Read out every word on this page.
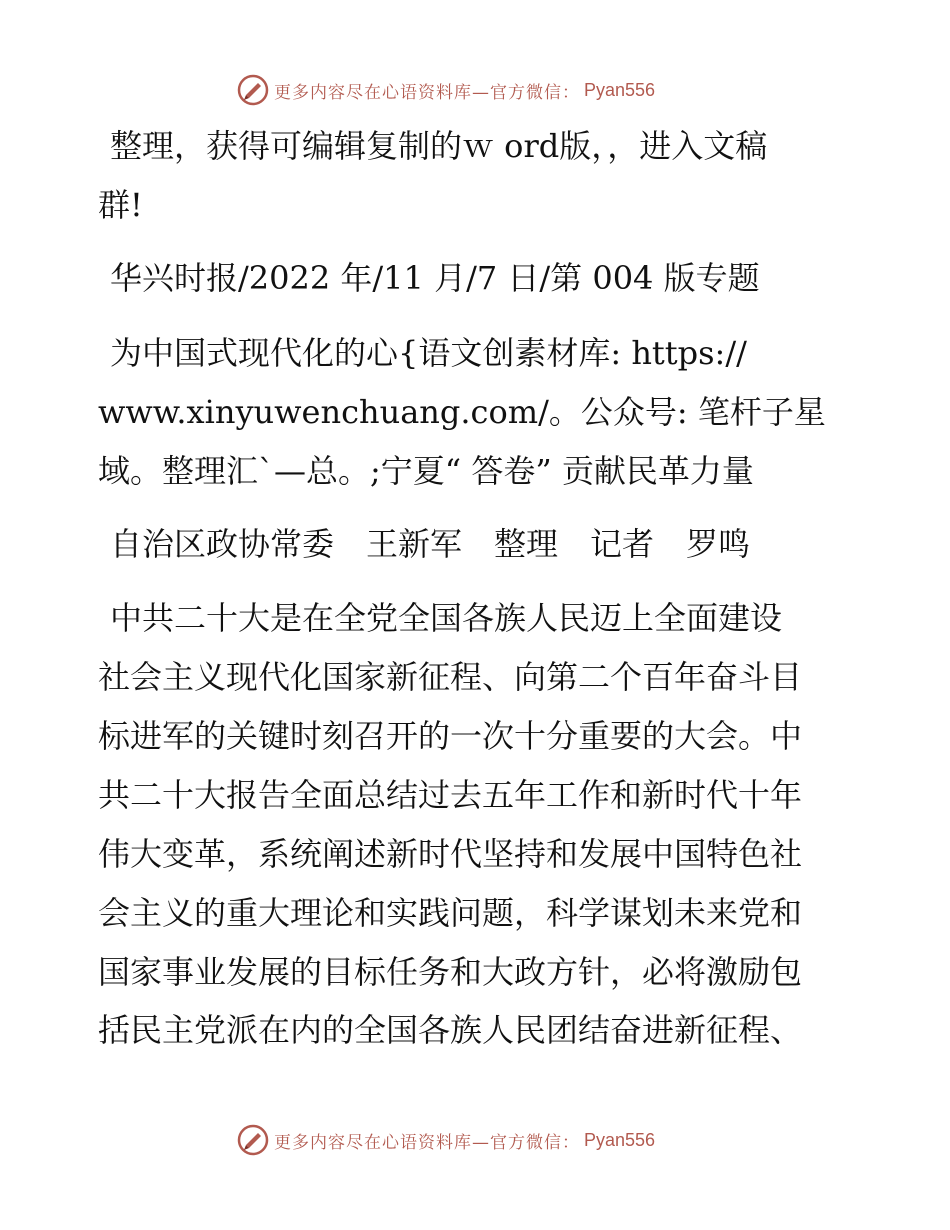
更多内容尽在心语资料库—官方微信： Pyan556

整理，获得可编辑复制的ｗ ord版，，进入文稿

群!

华兴时报/2022 年/11 月/7 日/第 004 版专题

为中国式现代化的心{语文创素材库: https://

www.xinyuwenchuang.com/。公众号: 笔杆子星

域。整理汇`—总。;宁夏“ 答卷” 贡献民革力量

自治区政协常委　王新军　整理　记者　罗鸣

中共二十大是在全党全国各族人民迈上全面建设

社会主义现代化国家新征程、向第二个百年奋斗目

标进军的关键时刻召开的一次十分重要的大会。中

共二十大报告全面总结过去五年工作和新时代十年

伟大变革，系统阐述新时代坚持和发展中国特色社

会主义的重大理论和实践问题，科学谋划未来党和

国家事业发展的目标任务和大政方针，必将激励包

括民主党派在内的全国各族人民团结奋进新征程、

更多内容尽在心语资料库—官方微信： Pyan556
